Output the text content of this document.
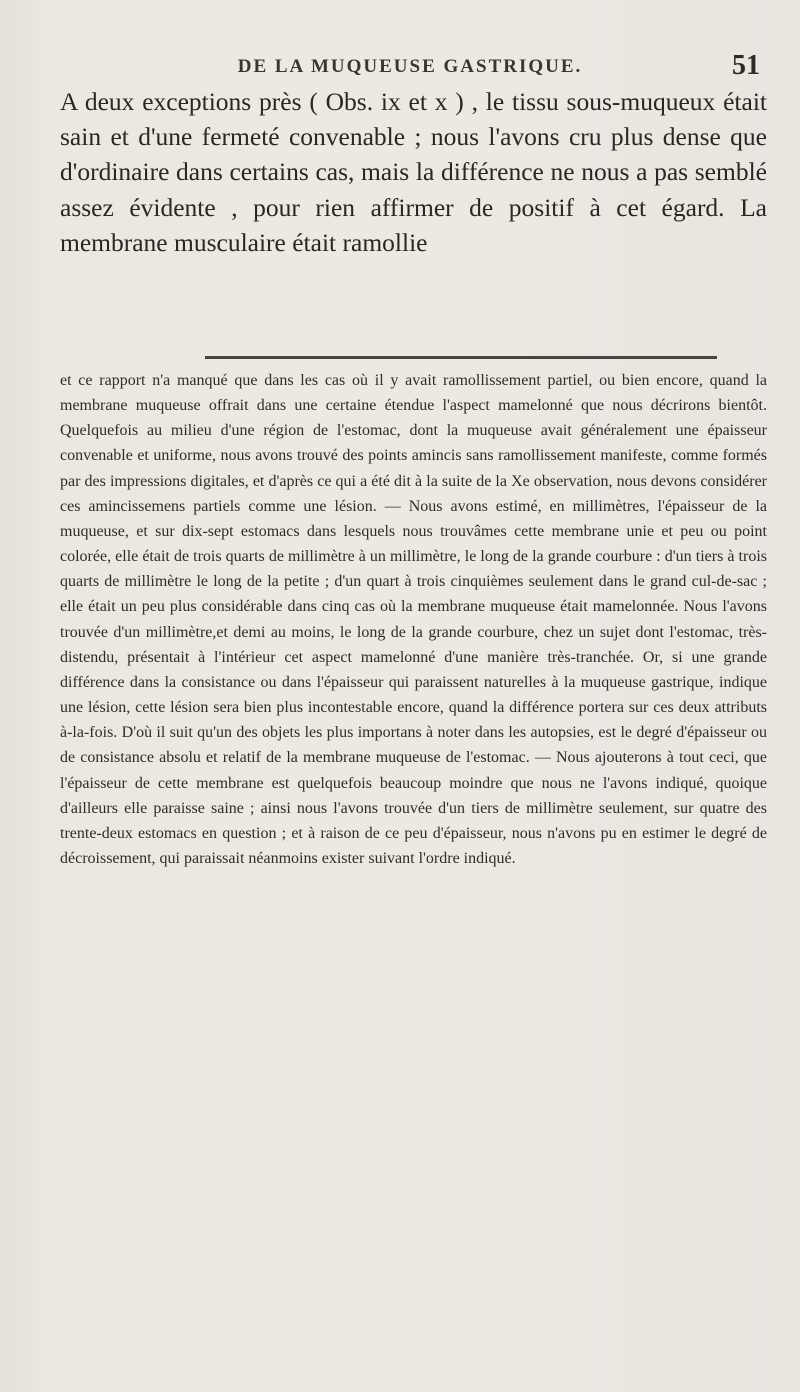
DE LA MUQUEUSE GASTRIQUE.	51

A deux exceptions près ( Obs. ix et x ) , le tissu sous-muqueux était sain et d'une fermeté convenable ; nous l'avons cru plus dense que d'ordinaire dans certains cas, mais la différence ne nous a pas semblé assez évidente , pour rien affirmer de positif à cet égard. La membrane musculaire était ramollie

et ce rapport n'a manqué que dans les cas où il y avait ramollissement partiel, ou bien encore, quand la membrane muqueuse offrait dans une certaine étendue l'aspect mamelonné que nous décrirons bientôt. Quelquefois au milieu d'une région de l'estomac, dont la muqueuse avait généralement une épaisseur convenable et uniforme, nous avons trouvé des points amincis sans ramollissement manifeste, comme formés par des impressions digitales, et d'après ce qui a été dit à la suite de la Xe observation, nous devons considérer ces amincissemens partiels comme une lésion. — Nous avons estimé, en millimètres, l'épaisseur de la muqueuse, et sur dix-sept estomacs dans lesquels nous trouvâmes cette membrane unie et peu ou point colorée, elle était de trois quarts de millimètre à un millimètre, le long de la grande courbure : d'un tiers à trois quarts de millimètre le long de la petite ; d'un quart à trois cinquièmes seulement dans le grand cul-de-sac ; elle était un peu plus considérable dans cinq cas où la membrane muqueuse était mamelonnée. Nous l'avons trouvée d'un millimètre,et demi au moins, le long de la grande courbure, chez un sujet dont l'estomac, très-distendu, présentait à l'intérieur cet aspect mamelonné d'une manière très-tranchée. Or, si une grande différence dans la consistance ou dans l'épaisseur qui paraissent naturelles à la muqueuse gastrique, indique une lésion, cette lésion sera bien plus incontestable encore, quand la différence portera sur ces deux attributs à-la-fois. D'où il suit qu'un des objets les plus importans à noter dans les autopsies, est le degré d'épaisseur ou de consistance absolu et relatif de la membrane muqueuse de l'estomac. — Nous ajouterons à tout ceci, que l'épaisseur de cette membrane est quelquefois beaucoup moindre que nous ne l'avons indiqué, quoique d'ailleurs elle paraisse saine ; ainsi nous l'avons trouvée d'un tiers de millimètre seulement, sur quatre des trente-deux estomacs en question ; et à raison de ce peu d'épaisseur, nous n'avons pu en estimer le degré de décroissement, qui paraissait néanmoins exister suivant l'ordre indiqué.
